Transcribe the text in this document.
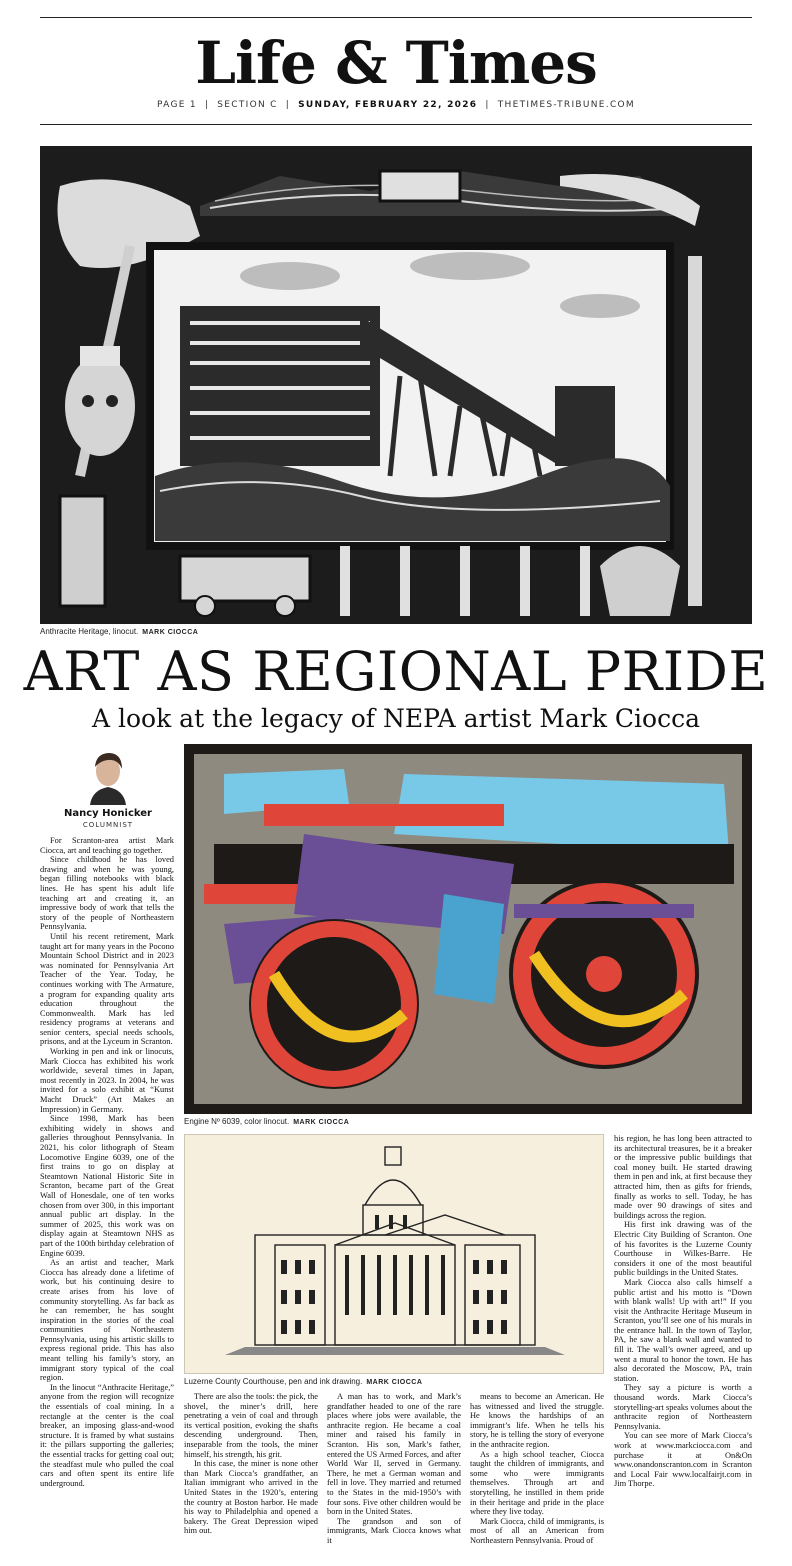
Life & Times
PAGE 1 | SECTION C | SUNDAY, FEBRUARY 22, 2026 | THETIMES-TRIBUNE.COM
Anthracite Heritage, linocut. MARK CIOCCA
ART AS REGIONAL PRIDE
A look at the legacy of NEPA artist Mark Ciocca
Nancy Honicker
COLUMNIST
Engine Nº 6039, color linocut. MARK CIOCCA
Luzerne County Courthouse, pen and ink drawing. MARK CIOCCA

For Scranton-area artist Mark Ciocca, art and teaching go together.

Since childhood he has loved drawing and when he was young, began filling notebooks with black lines. He has spent his adult life teaching art and creating it, an impressive body of work that tells the story of the people of Northeastern Pennsylvania.

Until his recent retirement, Mark taught art for many years in the Pocono Mountain School District and in 2023 was nominated for Pennsylvania Art Teacher of the Year. Today, he continues working with The Armature, a program for expanding quality arts education throughout the Commonwealth. Mark has led residency programs at veterans and senior centers, special needs schools, prisons, and at the Lyceum in Scranton.

Working in pen and ink or linocuts, Mark Ciocca has exhibited his work worldwide, several times in Japan, most recently in 2023. In 2004, he was invited for a solo exhibit at “Kunst Macht Druck” (Art Makes an Impression) in Germany.

Since 1998, Mark has been exhibiting widely in shows and galleries throughout Pennsylvania. In 2021, his color lithograph of Steam Locomotive Engine 6039, one of the first trains to go on display at Steamtown National Historic Site in Scranton, became part of the Great Wall of Honesdale, one of ten works chosen from over 300, in this important annual public art display. In the summer of 2025, this work was on display again at Steamtown NHS as part of the 100th birthday celebration of Engine 6039.

As an artist and teacher, Mark Ciocca has already done a lifetime of work, but his continuing desire to create arises from his love of community storytelling. As far back as he can remember, he has sought inspiration in the stories of the coal communities of Northeastern Pennsylvania, using his artistic skills to express regional pride. This has also meant telling his family’s story, an immigrant story typical of the coal region.

In the linocut “Anthracite Heritage,” anyone from the region will recognize the essentials of coal mining. In a rectangle at the center is the coal breaker, an imposing glass-and-wood structure. It is framed by what sustains it: the pillars supporting the galleries; the essential tracks for getting coal out; the steadfast mule who pulled the coal cars and often spent its entire life underground.

There are also the tools: the pick, the shovel, the miner’s drill, here penetrating a vein of coal and through its vertical position, evoking the shafts descending underground. Then, inseparable from the tools, the miner himself, his strength, his grit.

In this case, the miner is none other than Mark Ciocca’s grandfather, an Italian immigrant who arrived in the United States in the 1920’s, entering the country at Boston harbor. He made his way to Philadelphia and opened a bakery. The Great Depression wiped him out.

A man has to work, and Mark’s grandfather headed to one of the rare places where jobs were available, the anthracite region. He became a coal miner and raised his family in Scranton. His son, Mark’s father, entered the US Armed Forces, and after World War II, served in Germany. There, he met a German woman and fell in love. They married and returned to the States in the mid-1950’s with four sons. Five other children would be born in the United States.

The grandson and son of immigrants, Mark Ciocca knows what it

means to become an American. He has witnessed and lived the struggle. He knows the hardships of an immigrant’s life. When he tells his story, he is telling the story of everyone in the anthracite region.

As a high school teacher, Ciocca taught the children of immigrants, and some who were immigrants themselves. Through art and storytelling, he instilled in them pride in their heritage and pride in the place where they live today.

Mark Ciocca, child of immigrants, is most of all an American from Northeastern Pennsylvania. Proud of

his region, he has long been attracted to its architectural treasures, be it a breaker or the impressive public buildings that coal money built. He started drawing them in pen and ink, at first because they attracted him, then as gifts for friends, finally as works to sell. Today, he has made over 90 drawings of sites and buildings across the region.

His first ink drawing was of the Electric City Building of Scranton. One of his favorites is the Luzerne County Courthouse in Wilkes-Barre. He considers it one of the most beautiful public buildings in the United States.

Mark Ciocca also calls himself a public artist and his motto is “Down with blank walls! Up with art!” If you visit the Anthracite Heritage Museum in Scranton, you’ll see one of his murals in the entrance hall. In the town of Taylor, PA, he saw a blank wall and wanted to fill it. The wall’s owner agreed, and up went a mural to honor the town. He has also decorated the Moscow, PA, train station.

They say a picture is worth a thousand words. Mark Ciocca’s storytelling-art speaks volumes about the anthracite region of Northeastern Pennsylvania.

You can see more of Mark Ciocca’s work at www.markciocca.com and purchase it at On&On www.onandonscranton.com in Scranton and Local Fair www.localfairjt.com in Jim Thorpe.
